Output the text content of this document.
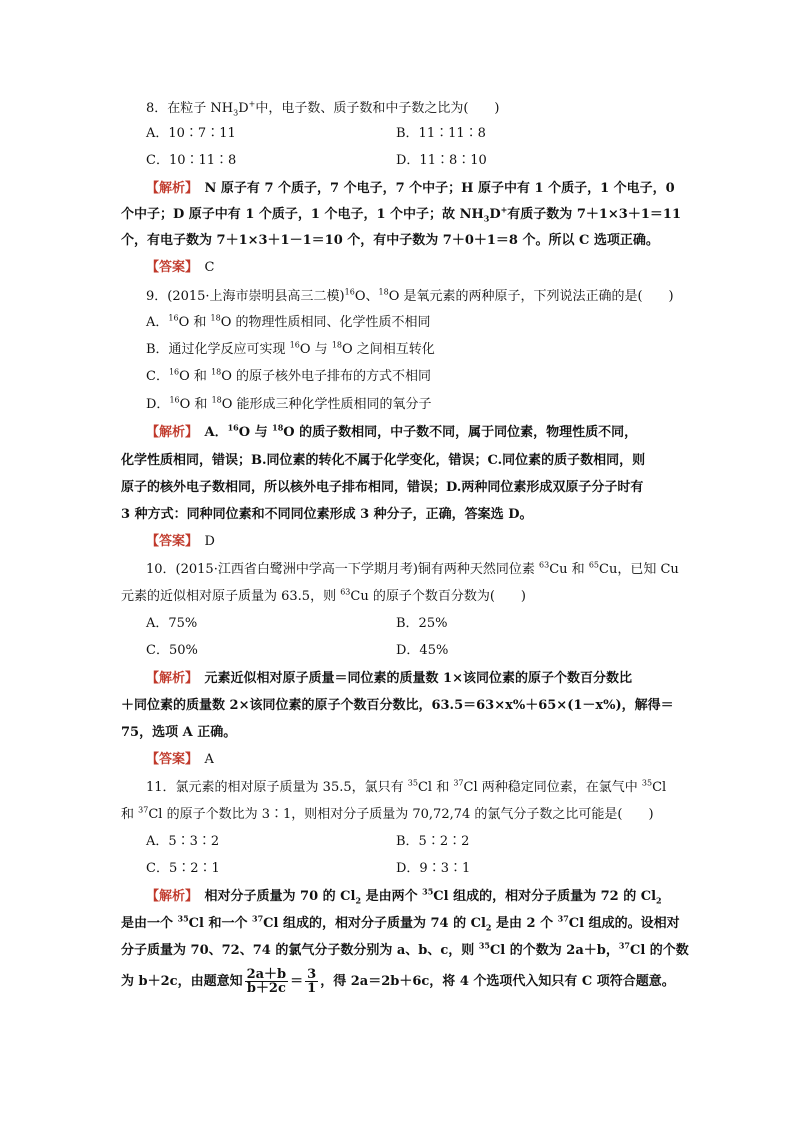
8．在粒子 $NH_3D^+$中，电子数、质子数和中子数之比为(　　)
A．10∶7∶11	B．11∶11∶8
C．10∶11∶8	D．11∶8∶10
【解析】　N 原子有 7 个质子，7 个电子，7 个中子；H 原子中有 1 个质子，1 个电子，0
个中子；D 原子中有 1 个质子，1 个电子，1 个中子；故 $NH_3D^+$有质子数为 7＋1×3＋1＝11
个，有电子数为 7＋1×3＋1－1＝10 个，有中子数为 7＋0＋1＝8 个。所以 C 选项正确。
【答案】　 C
9．(2015·上海市崇明县高三二模)$^{16}$O、$^{18}$O 是氧元素的两种原子，下列说法正确的是(　　)
A．$^{16}$O 和 $^{18}$O 的物理性质相同、化学性质不相同
B．通过化学反应可实现 $^{16}$O 与 $^{18}$O 之间相互转化
C．$^{16}$O 和 $^{18}$O 的原子核外电子排布的方式不相同
D．$^{16}$O 和 $^{18}$O 能形成三种化学性质相同的氧分子
【解析】　A．$^{16}$O 与 $^{18}$O 的质子数相同，中子数不同，属于同位素，物理性质不同，
化学性质相同，错误；B.同位素的转化不属于化学变化，错误；C.同位素的质子数相同，则
原子的核外电子数相同，所以核外电子排布相同，错误；D.两种同位素形成双原子分子时有
3 种方式：同种同位素和不同同位素形成 3 种分子，正确，答案选 D。
【答案】　 D
10．(2015·江西省白鹭洲中学高一下学期月考)铜有两种天然同位素 $^{63}$Cu 和 $^{65}$Cu，已知 Cu
元素的近似相对原子质量为 63.5，则 $^{63}$Cu 的原子个数百分数为(　　)
A．75%	B．25%
C．50%	D．45%
【解析】　元素近似相对原子质量＝同位素的质量数 1×该同位素的原子个数百分数比
＋同位素的质量数 2×该同位素的原子个数百分数比，63.5＝63×x%＋65×(1－x%)，解得＝
75，选项 A 正确。
【答案】　 A
11．氯元素的相对原子质量为 35.5，氯只有 $^{35}$Cl 和 $^{37}$Cl 两种稳定同位素，在氯气中 $^{35}$Cl
和 $^{37}$Cl 的原子个数比为 3∶1，则相对分子质量为 70,72,74 的氯气分子数之比可能是(　　)
A．5∶3∶2	B．5∶2∶2
C．5∶2∶1	D．9∶3∶1
【解析】　相对分子质量为 70 的 $Cl_2$ 是由两个 $^{35}$Cl 组成的，相对分子质量为 72 的 $Cl_2$
是由一个 $^{35}$Cl 和一个 $^{37}$Cl 组成的，相对分子质量为 74 的 $Cl_2$ 是由 2 个 $^{37}$Cl 组成的。设相对
分子质量为 70、72、74 的氯气分子数分别为 a、b、c，则 $^{35}$Cl 的个数为 2a＋b，$^{37}$Cl 的个数
为 b＋2c，由题意知 $\frac{2a+b}{b+2c} = \frac{3}{1}$ ，得 2a＝2b＋6c，将 4 个选项代入知只有 C 项符合题意。
